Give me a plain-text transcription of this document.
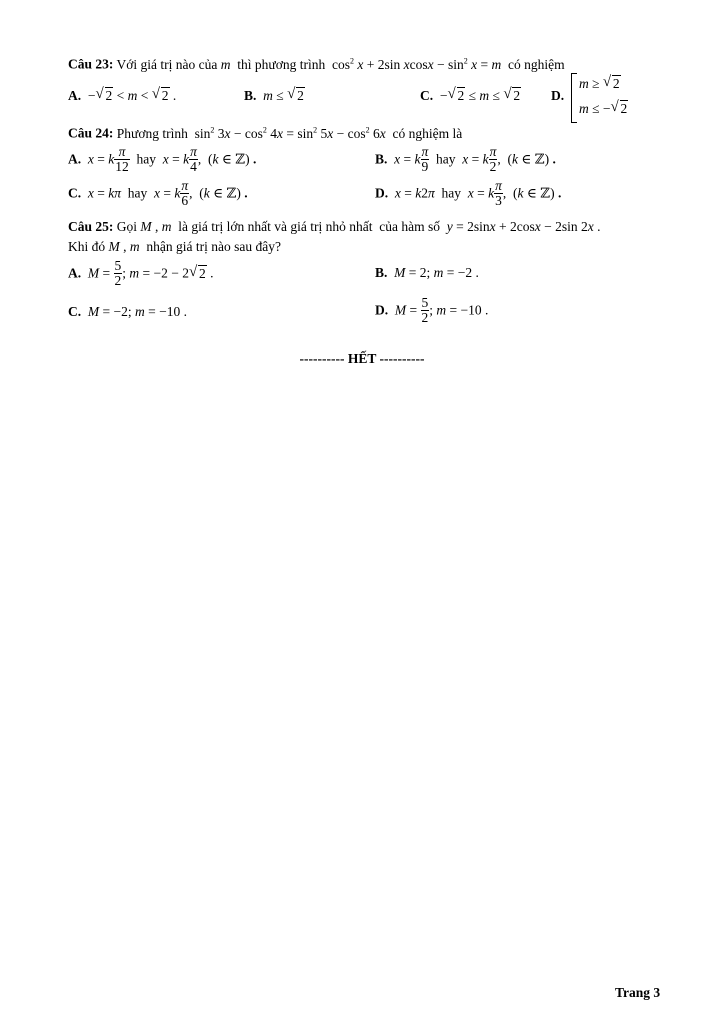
Câu 23: Với giá trị nào của m  thì phương trình  $\cos^2 x + 2\sin$ $xcosx - \sin^2 x = m$  có nghiệm
A. − √ 2 < m < √ 2 .	B. m ≤ √ 2	C. − √ 2 ≤ m ≤ √ 2 D.
m ≥ √ 2
m ≤ − √ 2
Câu 24: Phương trình  $\sin^2 3x - \cos^2 4x = \sin^2 5x - \cos^2 6x$  có nghiệm là
A. x = k $\frac{\pi}{12}$ hay  x = k $\frac{\pi}{4}$ ,  (k ∈ ℤ) .	B. x = k $\frac{\pi}{9}$ hay  x = k $\frac{\pi}{2}$ ,  (k ∈ ℤ) .
C. x = kπ  hay  x = k $\frac{\pi}{6}$ ,  (k ∈ ℤ) .	D. x = k2π  hay  x = k $\frac{\pi}{3}$ ,  (k ∈ ℤ) .
Câu 25: Gọi M , m  là giá trị lớn nhất và giá trị nhỏ nhất  của hàm số  y = 2sinx + 2cosx − 2sin 2x .
Khi đó M , m  nhận giá trị nào sau đây?
A. $M = \frac{5}{2}$ ; m = −2 − 2 √ 2 .	B. M = 2; m = −2 .
C. M = −2; m = −10 .	D. $M = \frac{5}{2}$ ; m = −10 .
---------- HẾT ----------
Trang 3
